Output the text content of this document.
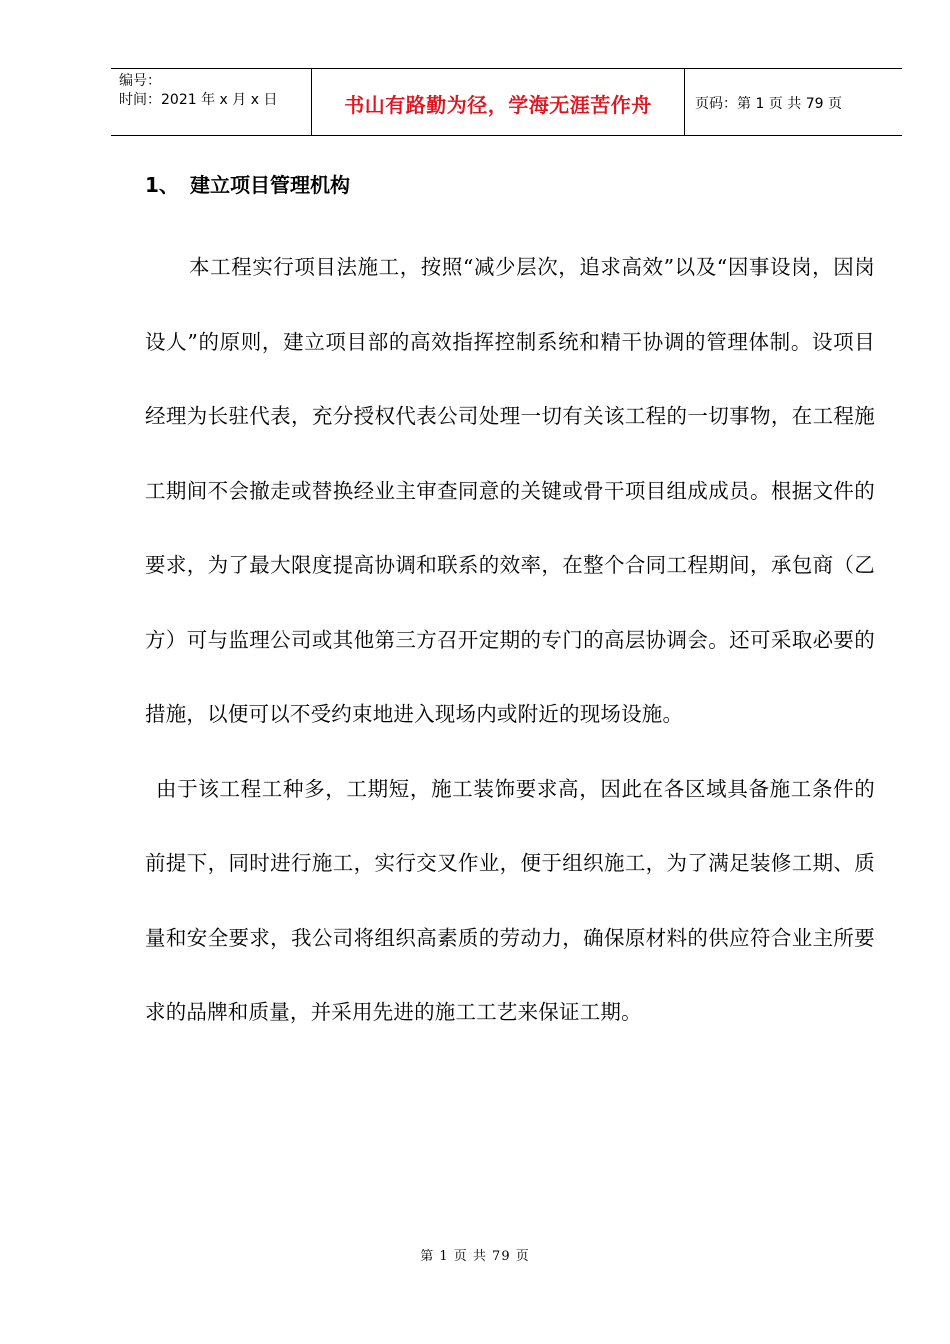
编号：
时间：2021 年 x 月 x 日	书山有路勤为径，学海无涯苦作舟	页码：第 1 页 共 79 页
1、 建立项目管理机构
本工程实行项目法施工，按照“减少层次，追求高效”以及“因事设岗，因岗设人”的原则，建立项目部的高效指挥控制系统和精干协调的管理体制。设项目经理为长驻代表，充分授权代表公司处理一切有关该工程的一切事物，在工程施工期间不会撤走或替换经业主审查同意的关键或骨干项目组成成员。根据文件的要求，为了最大限度提高协调和联系的效率，在整个合同工程期间，承包商（乙方）可与监理公司或其他第三方召开定期的专门的高层协调会。还可采取必要的措施，以便可以不受约束地进入现场内或附近的现场设施。
由于该工程工种多，工期短，施工装饰要求高，因此在各区域具备施工条件的前提下，同时进行施工，实行交叉作业，便于组织施工，为了满足装修工期、质量和安全要求，我公司将组织高素质的劳动力，确保原材料的供应符合业主所要求的品牌和质量，并采用先进的施工工艺来保证工期。
第 1 页 共 79 页
